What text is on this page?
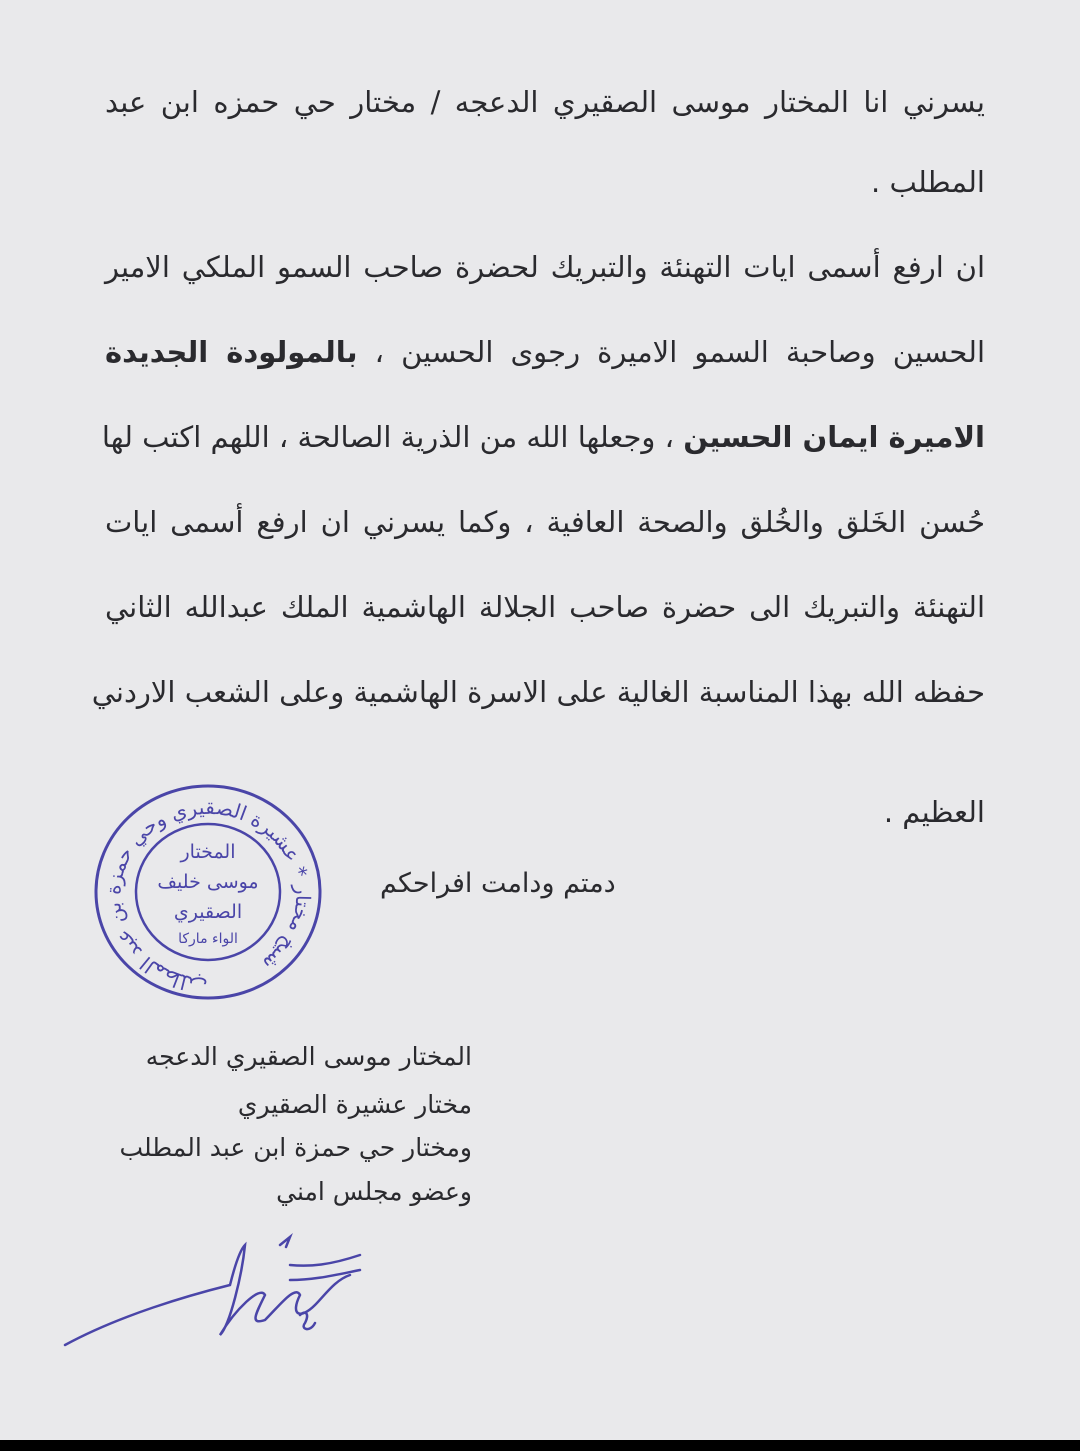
يسرني انا المختار موسى الصقيري الدعجه / مختار حي حمزه ابن عبد
المطلب .
ان ارفع أسمى ايات التهنئة والتبريك لحضرة صاحب السمو الملكي الامير
الحسين وصاحبة السمو الاميرة رجوى الحسين ، بالمولودة الجديدة
الاميرة ايمان الحسين ، وجعلها الله من الذرية الصالحة ، اللهم اكتب لها
حُسن الخَلق والخُلق والصحة العافية ، وكما يسرني ان ارفع أسمى ايات
التهنئة والتبريك الى حضرة صاحب الجلالة الهاشمية الملك عبدالله الثاني
حفظه الله بهذا المناسبة الغالية على الاسرة الهاشمية وعلى الشعب الاردني
العظيم .
دمتم ودامت افراحكم
شيخ مختار * عشيرة الصقيري وحي حمزة بن عبد المطلب
المختار
موسى خليف
الصقيري
الواء ماركا
المختار موسى الصقيري الدعجه
مختار عشيرة الصقيري
ومختار حي حمزة ابن عبد المطلب
وعضو مجلس امني
